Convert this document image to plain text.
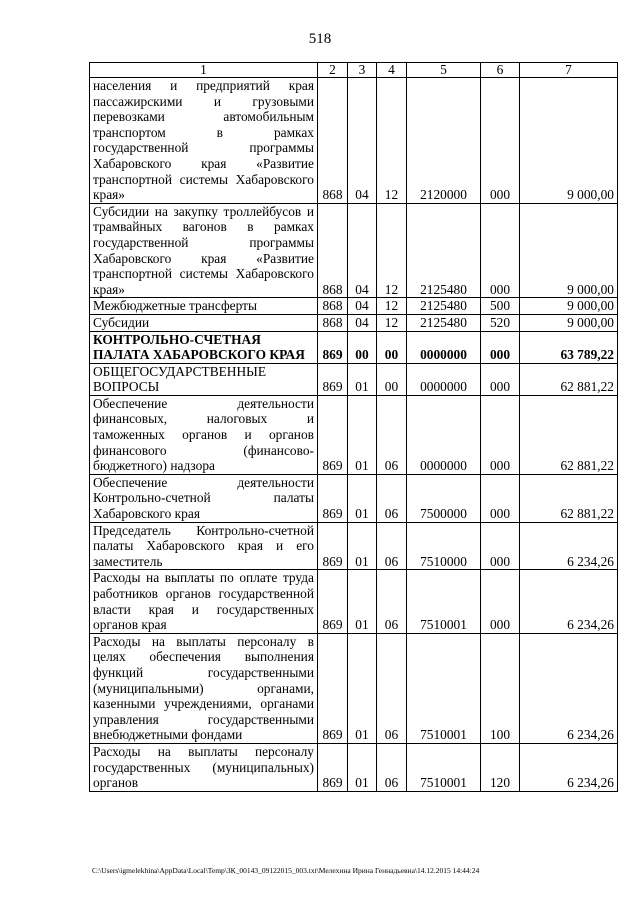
518
1	2	3	4	5	6	7
населения и предприятий края пассажирскими и грузовыми перевозками автомобильным транспортом в рамках государственной программы Хабаровского края «Развитие транспортной системы Хабаровского края»	868	04	12	2120000	000	9 000,00
Субсидии на закупку троллейбусов и трамвайных вагонов в рамках государственной программы Хабаровского края «Развитие транспортной системы Хабаровского края»	868	04	12	2125480	000	9 000,00
Межбюджетные трансферты	868	04	12	2125480	500	9 000,00
Субсидии	868	04	12	2125480	520	9 000,00
КОНТРОЛЬНО-СЧЕТНАЯ ПАЛАТА ХАБАРОВСКОГО КРАЯ	869	00	00	0000000	000	63 789,22
ОБЩЕГОСУДАРСТВЕННЫЕ ВОПРОСЫ	869	01	00	0000000	000	62 881,22
Обеспечение деятельности финансовых, налоговых и таможенных органов и органов финансового (финансово-бюджетного) надзора	869	01	06	0000000	000	62 881,22
Обеспечение деятельности Контрольно-счетной палаты Хабаровского края	869	01	06	7500000	000	62 881,22
Председатель Контрольно-счетной палаты Хабаровского края и его заместитель	869	01	06	7510000	000	6 234,26
Расходы на выплаты по оплате труда работников органов государственной власти края и государственных органов края	869	01	06	7510001	000	6 234,26
Расходы на выплаты персоналу в целях обеспечения выполнения функций государственными (муниципальными) органами, казенными учреждениями, органами управления государственными внебюджетными фондами	869	01	06	7510001	100	6 234,26
Расходы на выплаты персоналу государственных (муниципальных) органов	869	01	06	7510001	120	6 234,26
C:\Users\igmelekhina\AppData\Local\Temp\ЗК_00143_09122015_003.txt\Мелехина Ирина Геннадьевна\14.12.2015 14:44:24
